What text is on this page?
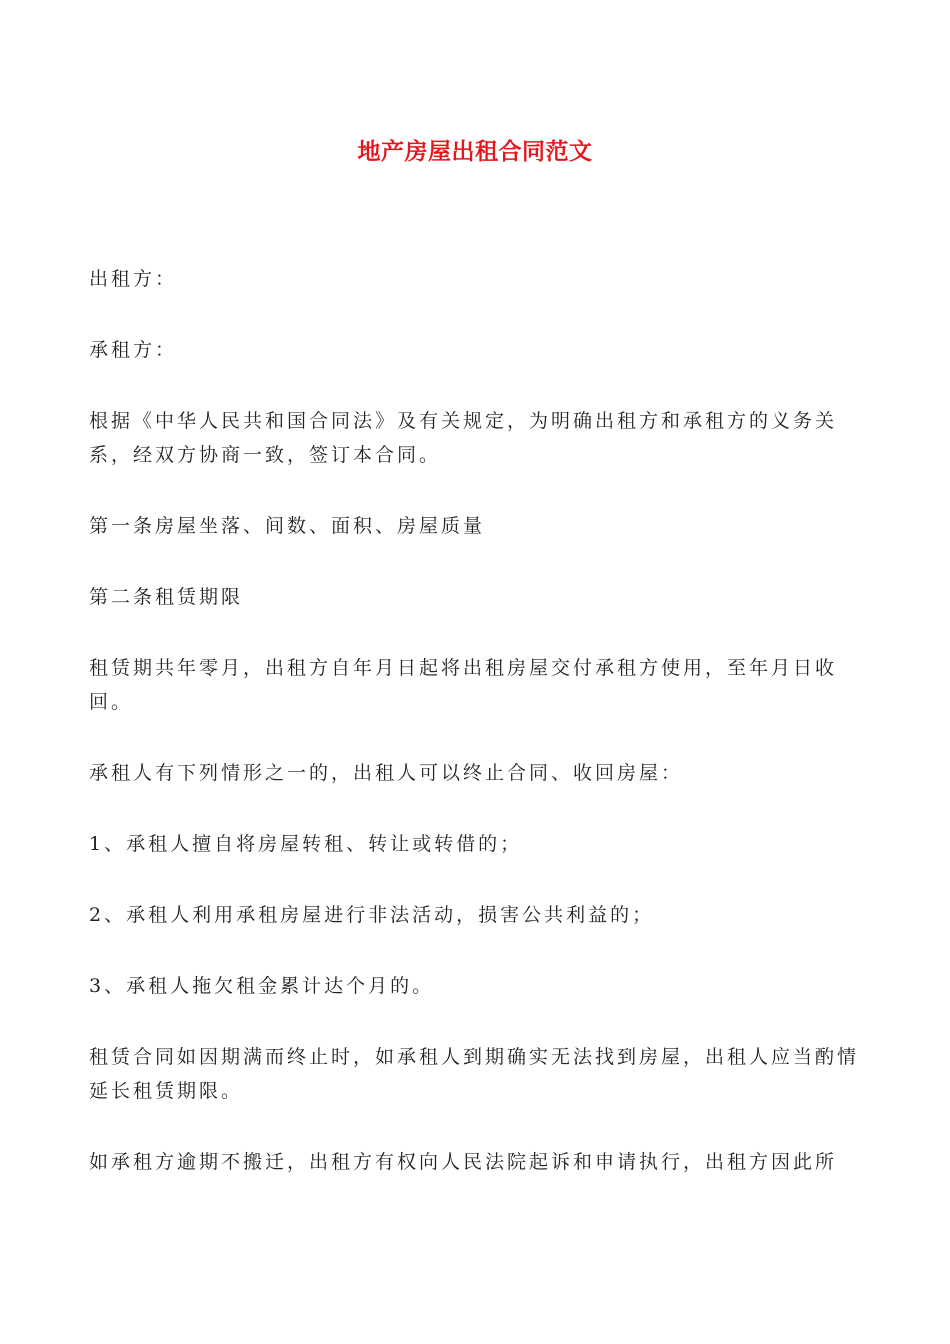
地产房屋出租合同范文

出租方：

承租方：

根据《中华人民共和国合同法》及有关规定，为明确出租方和承租方的义务关系，经双方协商一致，签订本合同。

第一条房屋坐落、间数、面积、房屋质量

第二条租赁期限

租赁期共年零月，出租方自年月日起将出租房屋交付承租方使用，至年月日收回。

承租人有下列情形之一的，出租人可以终止合同、收回房屋：

1、承租人擅自将房屋转租、转让或转借的；

2、承租人利用承租房屋进行非法活动，损害公共利益的；

3、承租人拖欠租金累计达个月的。

租赁合同如因期满而终止时，如承租人到期确实无法找到房屋，出租人应当酌情延长租赁期限。

如承租方逾期不搬迁，出租方有权向人民法院起诉和申请执行，出租方因此所
